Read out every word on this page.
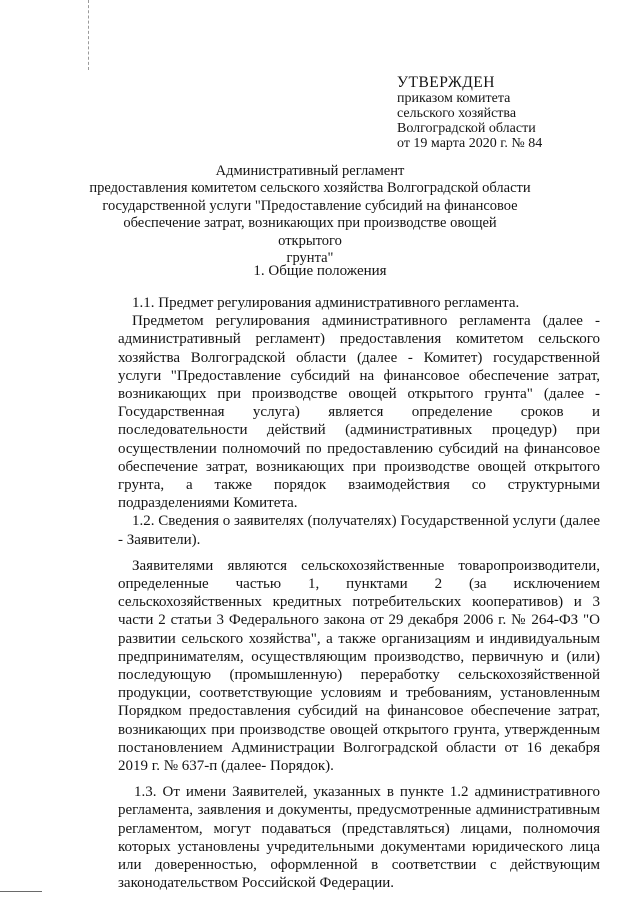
УТВЕРЖДЕН
приказом комитета
сельского хозяйства
Волгоградской области
от 19 марта 2020 г. № 84
Административный регламент
предоставления комитетом сельского хозяйства Волгоградской области
государственной услуги "Предоставление субсидий на финансовое
обеспечение затрат, возникающих при производстве овощей открытого
грунта"
1. Общие положения

1.1. Предмет регулирования административного регламента.

Предметом регулирования административного регламента (далее - административный регламент) предоставления комитетом сельского хозяйства Волгоградской области (далее - Комитет) государственной услуги "Предоставление субсидий на финансовое обеспечение затрат, возникающих при производстве овощей открытого грунта" (далее - Государственная услуга) является определение сроков и последовательности действий (административных процедур) при осуществлении полномочий по предоставлению субсидий на финансовое обеспечение затрат, возникающих при производстве овощей открытого грунта, а также порядок взаимодействия со структурными подразделениями Комитета.

1.2. Сведения о заявителях (получателях) Государственной услуги (далее - Заявители).

Заявителями являются сельскохозяйственные товаропроизводители, определенные частью 1, пунктами 2 (за исключением сельскохозяйственных кредитных потребительских кооперативов) и 3 части 2 статьи 3 Федерального закона от 29 декабря 2006 г. № 264-ФЗ "О развитии сельского хозяйства", а также организациям и индивидуальным предпринимателям, осуществляющим производство, первичную и (или) последующую (промышленную) переработку сельскохозяйственной продукции, соответствующие условиям и требованиям, установленным Порядком предоставления субсидий на финансовое обеспечение затрат, возникающих при производстве овощей открытого грунта, утвержденным постановлением Администрации Волгоградской области от 16 декабря 2019 г. № 637-п (далее- Порядок).

1.3. От имени Заявителей, указанных в пункте 1.2 административного регламента, заявления и документы, предусмотренные административным регламентом, могут подаваться (представляться) лицами, полномочия которых установлены учредительными документами юридического лица или доверенностью, оформленной в соответствии с действующим законодательством Российской Федерации.
